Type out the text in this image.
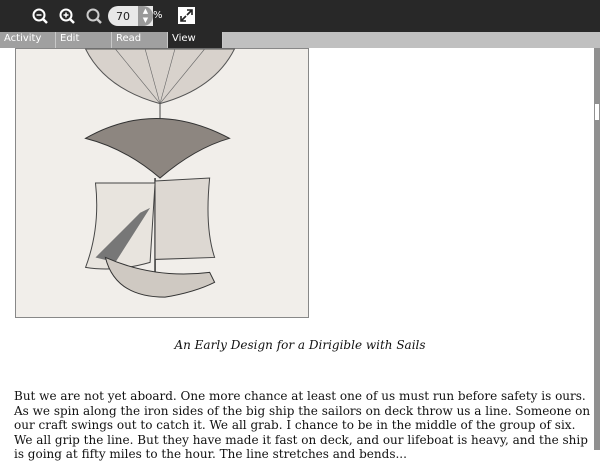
70	▲
▼ %
Activity	Edit	Read	View
An Early Design for a Dirigible with Sails

But we are not yet aboard. One more chance at least one of us must run before safety is ours. As we spin along the iron sides of the big ship the sailors on deck throw us a line. Someone on our craft swings out to catch it. We all grab. I chance to be in the middle of the group of six. We all grip the line. But they have made it fast on deck, and our lifeboat is heavy, and the ship is going at fifty miles to the hour. The line stretches and bends...
